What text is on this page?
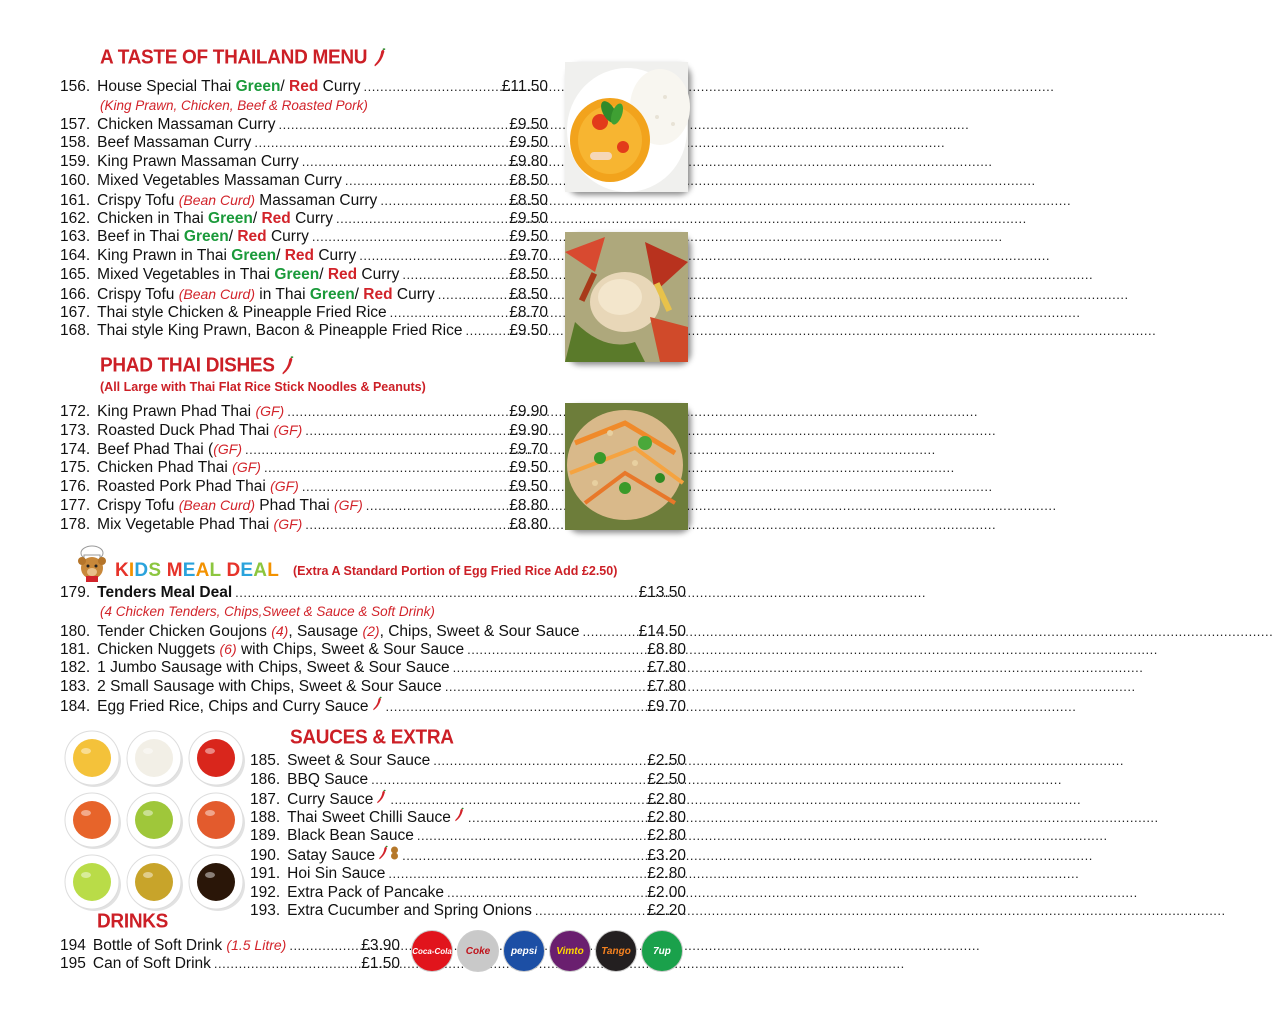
A TASTE OF THAILAND MENU
156. House Special Thai Green/ Red Curry .....	£11.50
(King Prawn, Chicken, Beef & Roasted Pork)
157. Chicken Massaman Curry .....	£9.50
158. Beef Massaman Curry .....	£9.50
159. King Prawn Massaman Curry .....	£9.80
160. Mixed Vegetables Massaman Curry .....	£8.50
161. Crispy Tofu (Bean Curd) Massaman Curry .....	£8.50
162. Chicken in Thai Green/ Red Curry .....	£9.50
163. Beef in Thai Green/ Red Curry .....	£9.50
164. King Prawn in Thai Green/ Red Curry .....	£9.70
165. Mixed Vegetables in Thai Green/ Red Curry .....	£8.50
166. Crispy Tofu (Bean Curd) in Thai Green/ Red Curry .....	£8.50
167. Thai style Chicken & Pineapple Fried Rice .....	£8.70
168. Thai style King Prawn, Bacon & Pineapple Fried Rice .....	£9.50
PHAD THAI DISHES
(All Large with Thai Flat Rice Stick Noodles & Peanuts)
172. King Prawn Phad Thai (GF) .....	£9.90
173. Roasted Duck Phad Thai (GF) .....	£9.90
174. Beef Phad Thai ((GF) .....	£9.70
175. Chicken Phad Thai (GF) .....	£9.50
176. Roasted Pork Phad Thai (GF) .....	£9.50
177. Crispy Tofu (Bean Curd) Phad Thai (GF) .....	£8.80
178. Mix Vegetable Phad Thai (GF) .....	£8.80
KIDS MEAL DEAL (Extra A Standard Portion of Egg Fried Rice Add £2.50)
179. Tenders Meal Deal .....	£13.50
(4 Chicken Tenders, Chips,Sweet & Sauce & Soft Drink)
180. Tender Chicken Goujons (4), Sausage (2), Chips, Sweet & Sour Sauce .....	£14.50
181. Chicken Nuggets (6) with Chips, Sweet & Sour Sauce .....	£8.80
182. 1 Jumbo Sausage with Chips, Sweet & Sour Sauce .....	£7.80
183. 2 Small Sausage with Chips, Sweet & Sour Sauce .....	£7.80
184. Egg Fried Rice, Chips and Curry Sauce .....	£9.70
SAUCES & EXTRA
185. Sweet & Sour Sauce .....	£2.50
186. BBQ Sauce .....	£2.50
187. Curry Sauce .....	£2.80
188. Thai Sweet Chilli Sauce .....	£2.80
189. Black Bean Sauce .....	£2.80
190. Satay Sauce .....	£3.20
191. Hoi Sin Sauce .....	£2.80
192. Extra Pack of Pancake .....	£2.00
193. Extra Cucumber and Spring Onions .....	£2.20
DRINKS
194 Bottle of Soft Drink (1.5 Litre) .....	£3.90
195 Can of Soft Drink .....	£1.50
Coca-Cola	Coke	pepsi	Vimto	Tango	7up
